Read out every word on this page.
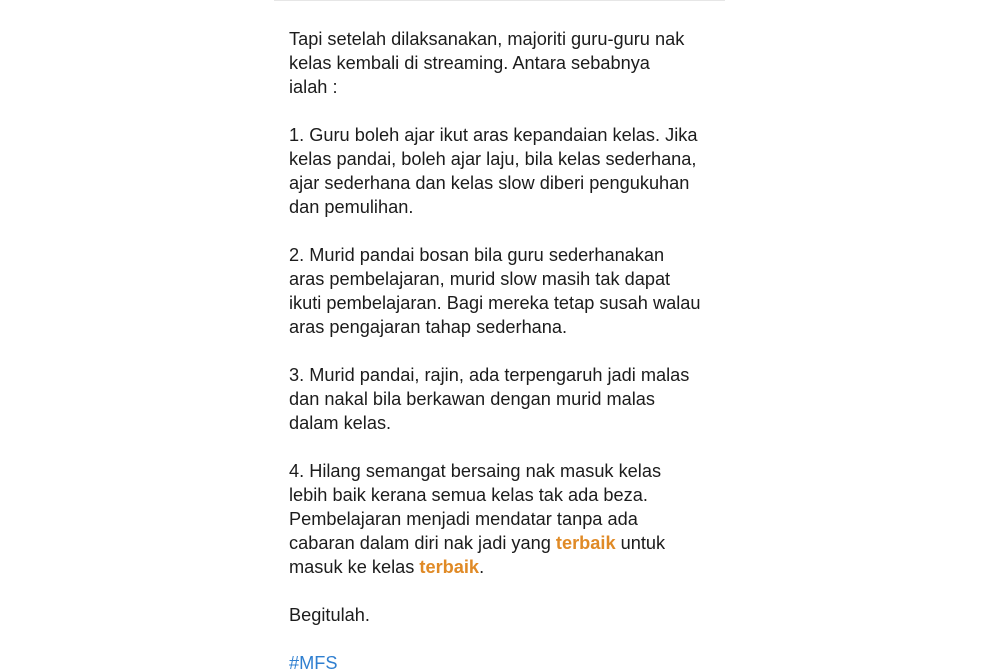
Tapi setelah dilaksanakan, majoriti guru-guru nak
kelas kembali di streaming. Antara sebabnya
ialah :

1. Guru boleh ajar ikut aras kepandaian kelas. Jika
kelas pandai, boleh ajar laju, bila kelas sederhana,
ajar sederhana dan kelas slow diberi pengukuhan
dan pemulihan.

2. Murid pandai bosan bila guru sederhanakan
aras pembelajaran, murid slow masih tak dapat
ikuti pembelajaran. Bagi mereka tetap susah walau
aras pengajaran tahap sederhana.

3. Murid pandai, rajin, ada terpengaruh jadi malas
dan nakal bila berkawan dengan murid malas
dalam kelas.

4. Hilang semangat bersaing nak masuk kelas
lebih baik kerana semua kelas tak ada beza.
Pembelajaran menjadi mendatar tanpa ada
cabaran dalam diri nak jadi yang terbaik untuk
masuk ke kelas terbaik.

Begitulah.

#MFS
